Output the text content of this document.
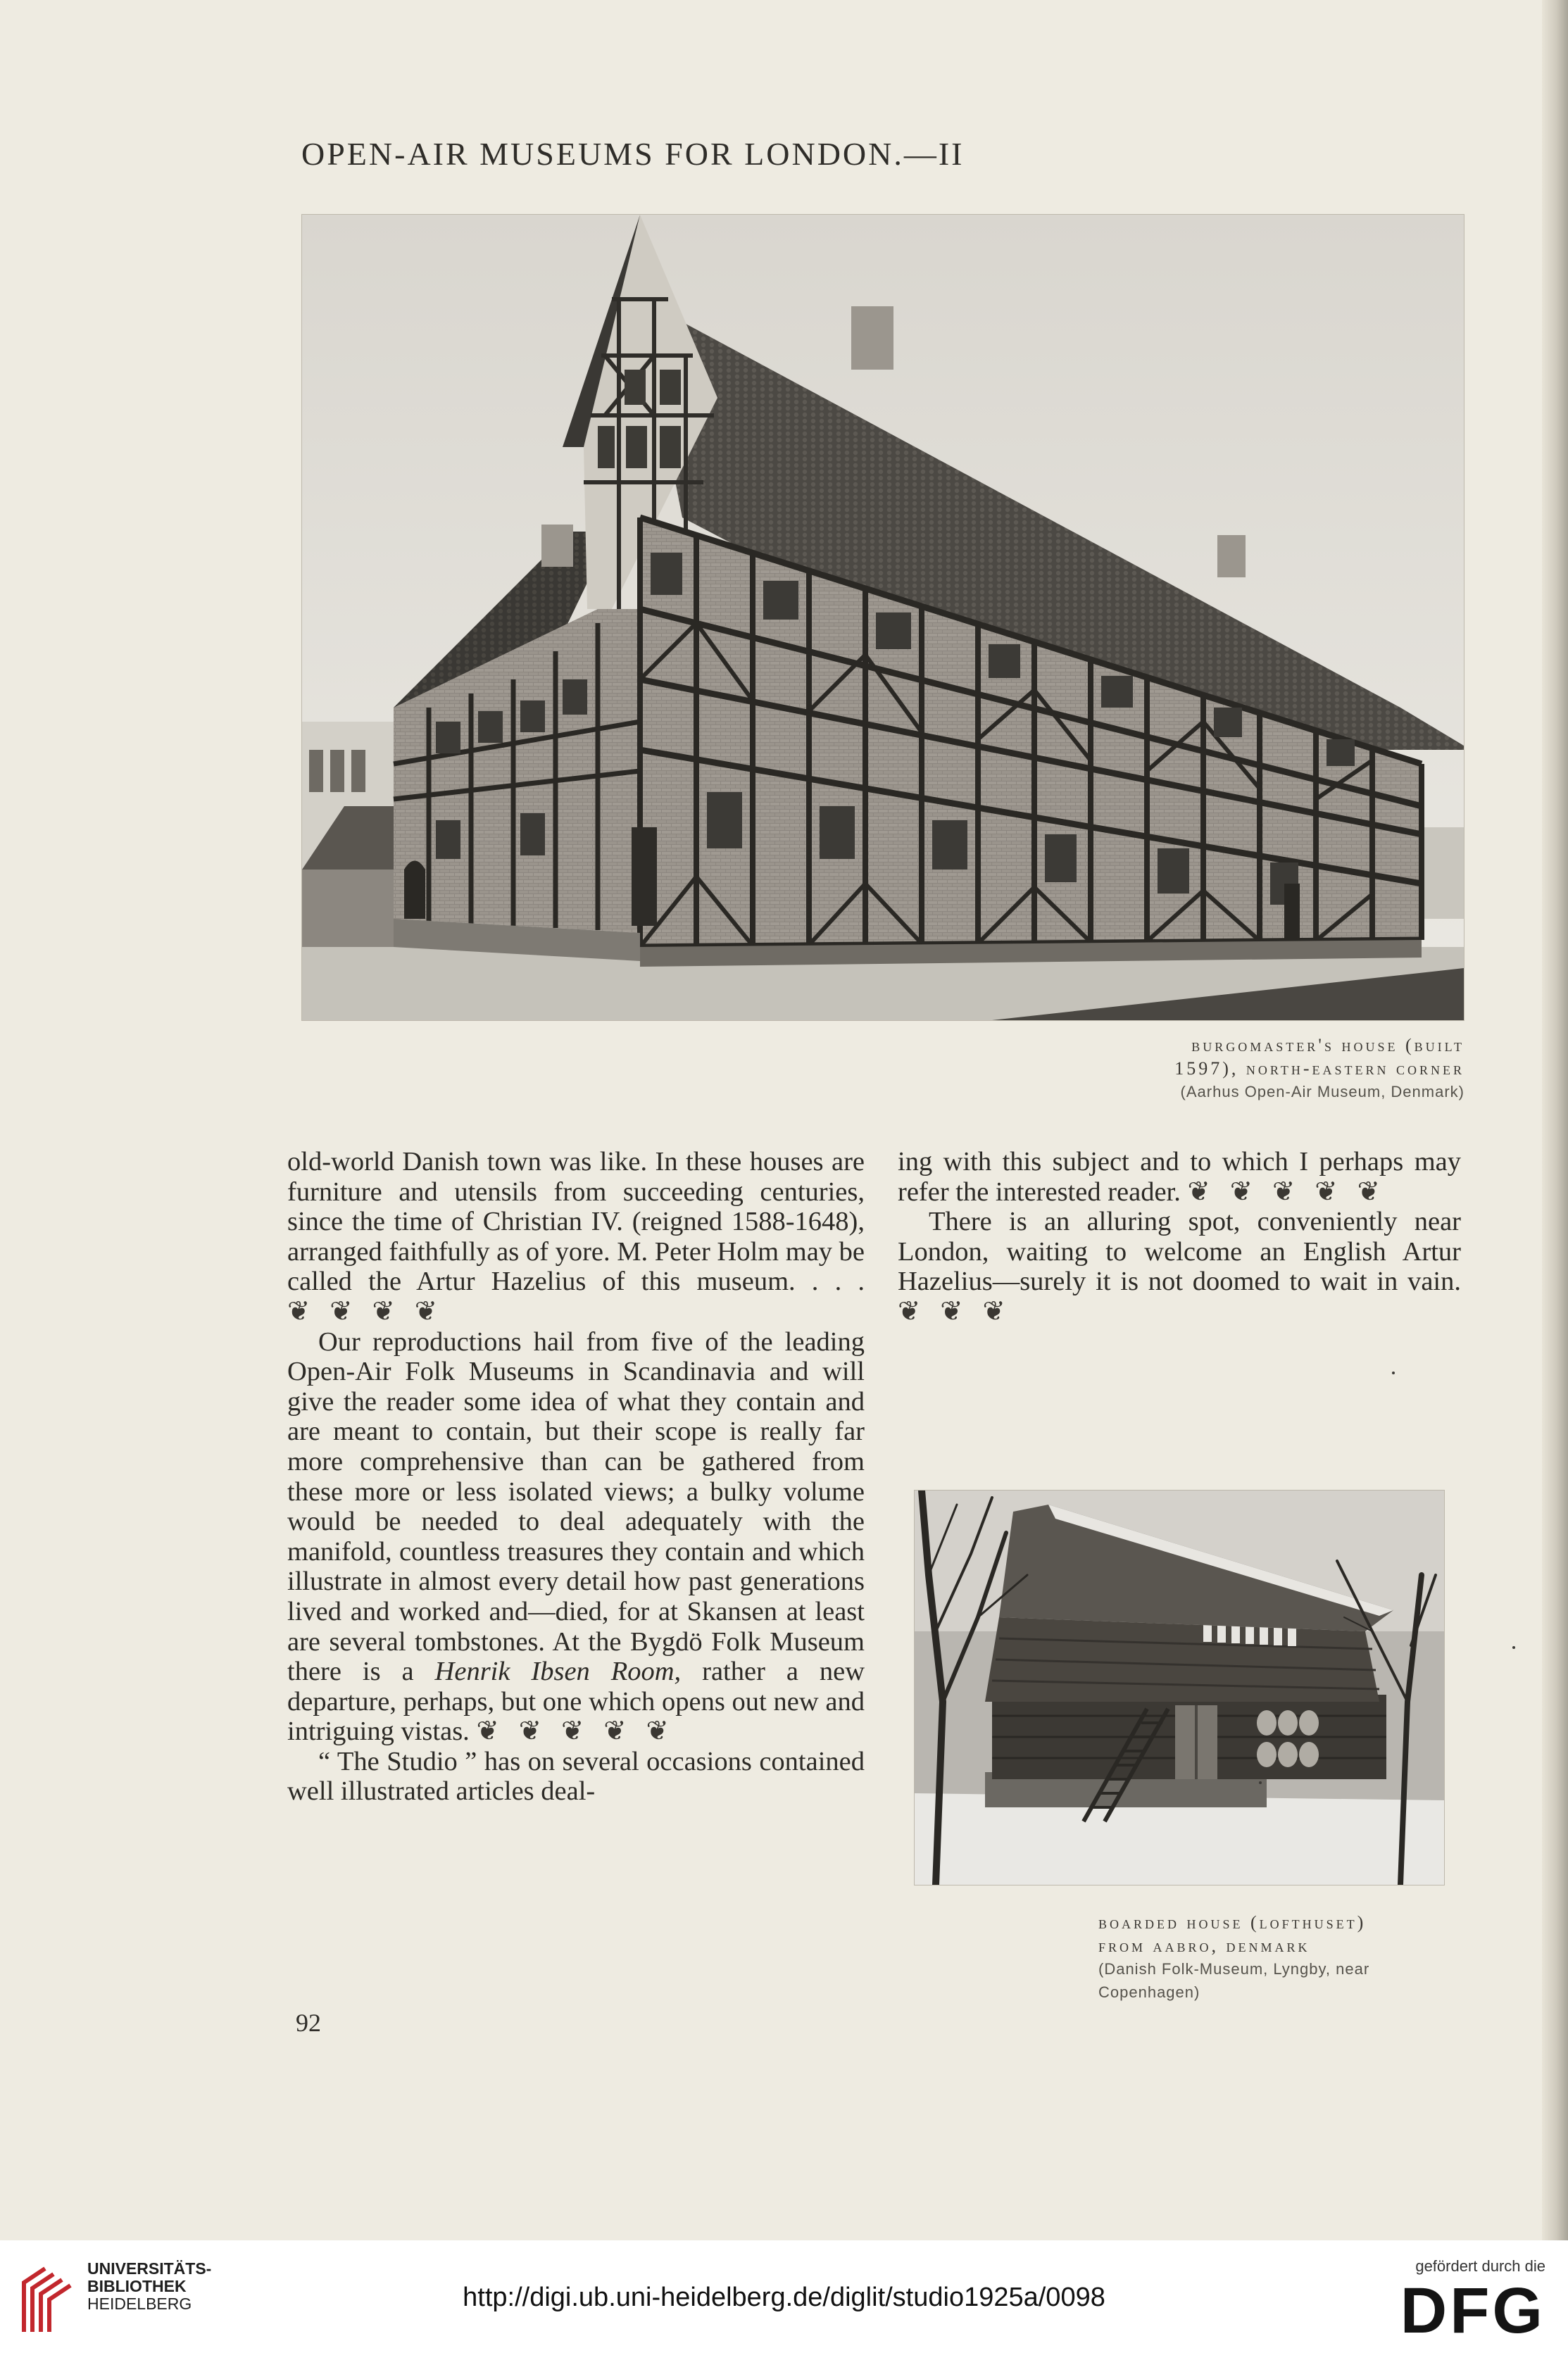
OPEN-AIR MUSEUMS FOR LONDON.—II
burgomaster's house (built
1597), north-eastern corner
(Aarhus Open-Air Museum, Denmark)

old-world Danish town was like. In these houses are furniture and utensils from succeeding centuries, since the time of Christian IV. (reigned 1588-1648), arranged faithfully as of yore. M. Peter Holm may be called the Artur Hazelius of this museum. . . . ❦❦❦❦

Our reproductions hail from five of the leading Open-Air Folk Museums in Scandinavia and will give the reader some idea of what they contain and are meant to contain, but their scope is really far more comprehensive than can be gathered from these more or less isolated views; a bulky volume would be needed to deal adequately with the manifold, countless treasures they contain and which illustrate in almost every detail how past generations lived and worked and—died, for at Skansen at least are several tombstones. At the Bygdö Folk Museum there is a Henrik Ibsen Room, rather a new departure, perhaps, but one which opens out new and intriguing vistas. ❦❦❦❦❦

“ The Studio ” has on several occasions contained well illustrated articles deal-

ing with this subject and to which I perhaps may refer the interested reader. ❦❦❦❦❦

There is an alluring spot, conveniently near London, waiting to welcome an English Artur Hazelius—surely it is not doomed to wait in vain. ❦❦❦

boarded house (lofthuset)
from aabro, denmark
(Danish Folk-Museum, Lyngby, near
Copenhagen)
92
UNIVERSITÄTS-
BIBLIOTHEK
HEIDELBERG	http://digi.ub.uni-heidelberg.de/diglit/studio1925a/0098
gefördert durch die
DFG
